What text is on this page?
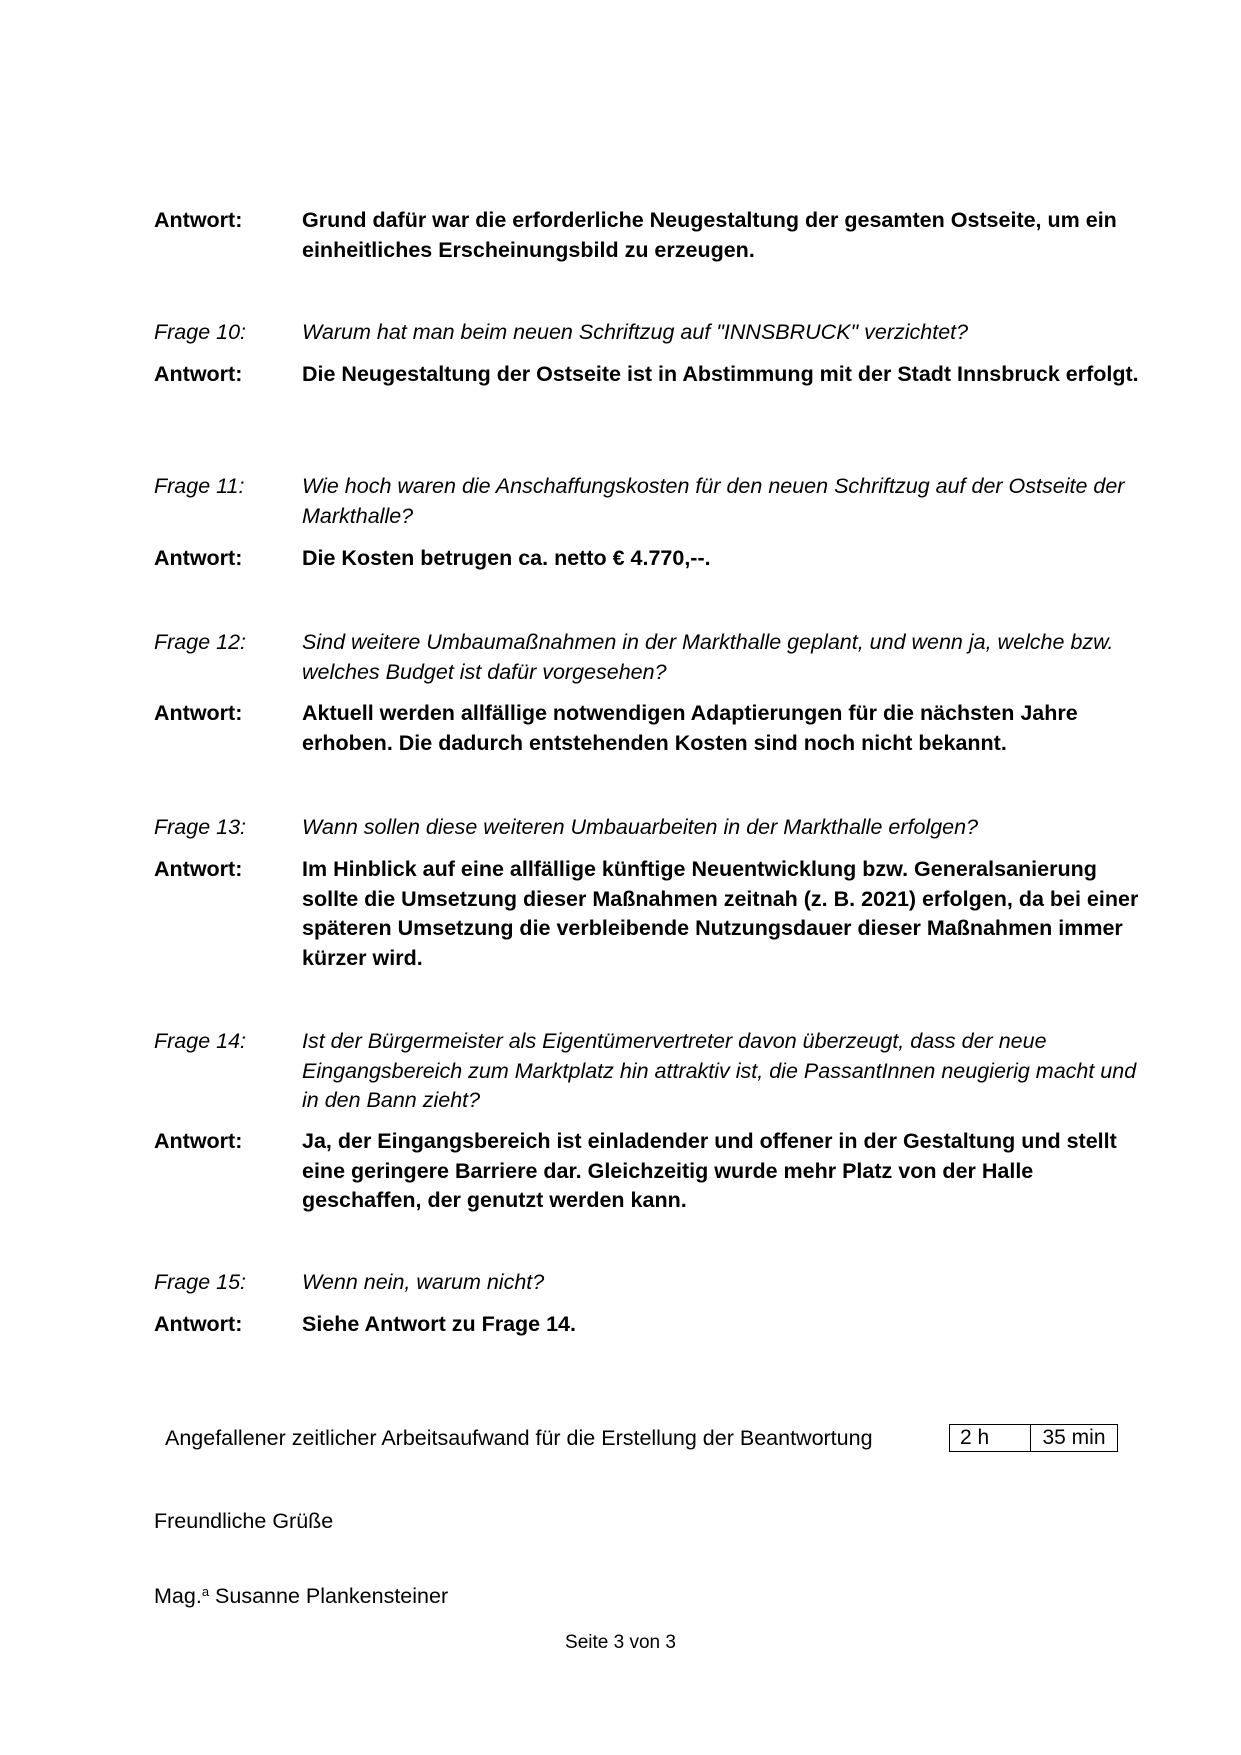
Antwort:	Grund dafür war die erforderliche Neugestaltung der gesamten Ostseite, um ein einheitliches Erscheinungsbild zu erzeugen.
Frage 10:	Warum hat man beim neuen Schriftzug auf "INNSBRUCK" verzichtet?
Antwort:	Die Neugestaltung der Ostseite ist in Abstimmung mit der Stadt Innsbruck erfolgt.
Frage 11:	Wie hoch waren die Anschaffungskosten für den neuen Schriftzug auf der Ostseite der Markthalle?
Antwort:	Die Kosten betrugen ca. netto € 4.770,--.
Frage 12:	Sind weitere Umbaumaßnahmen in der Markthalle geplant, und wenn ja, welche bzw. welches Budget ist dafür vorgesehen?
Antwort:	Aktuell werden allfällige notwendigen Adaptierungen für die nächsten Jahre erhoben. Die dadurch entstehenden Kosten sind noch nicht bekannt.
Frage 13:	Wann sollen diese weiteren Umbauarbeiten in der Markthalle erfolgen?
Antwort:	Im Hinblick auf eine allfällige künftige Neuentwicklung bzw. Generalsanierung sollte die Umsetzung dieser Maßnahmen zeitnah (z. B. 2021) erfolgen, da bei einer späteren Umsetzung die verbleibende Nutzungsdauer dieser Maßnahmen immer kürzer wird.
Frage 14:	Ist der Bürgermeister als Eigentümervertreter davon überzeugt, dass der neue Eingangsbereich zum Marktplatz hin attraktiv ist, die PassantInnen neugierig macht und in den Bann zieht?
Antwort:	Ja, der Eingangsbereich ist einladender und offener in der Gestaltung und stellt eine geringere Barriere dar. Gleichzeitig wurde mehr Platz von der Halle geschaffen, der genutzt werden kann.
Frage 15:	Wenn nein, warum nicht?
Antwort:	Siehe Antwort zu Frage 14.
Angefallener zeitlicher Arbeitsaufwand für die Erstellung der Beantwortung	2 h	35 min
Freundliche Grüße
Mag.$^a$ Susanne Plankensteiner
Seite 3 von 3
